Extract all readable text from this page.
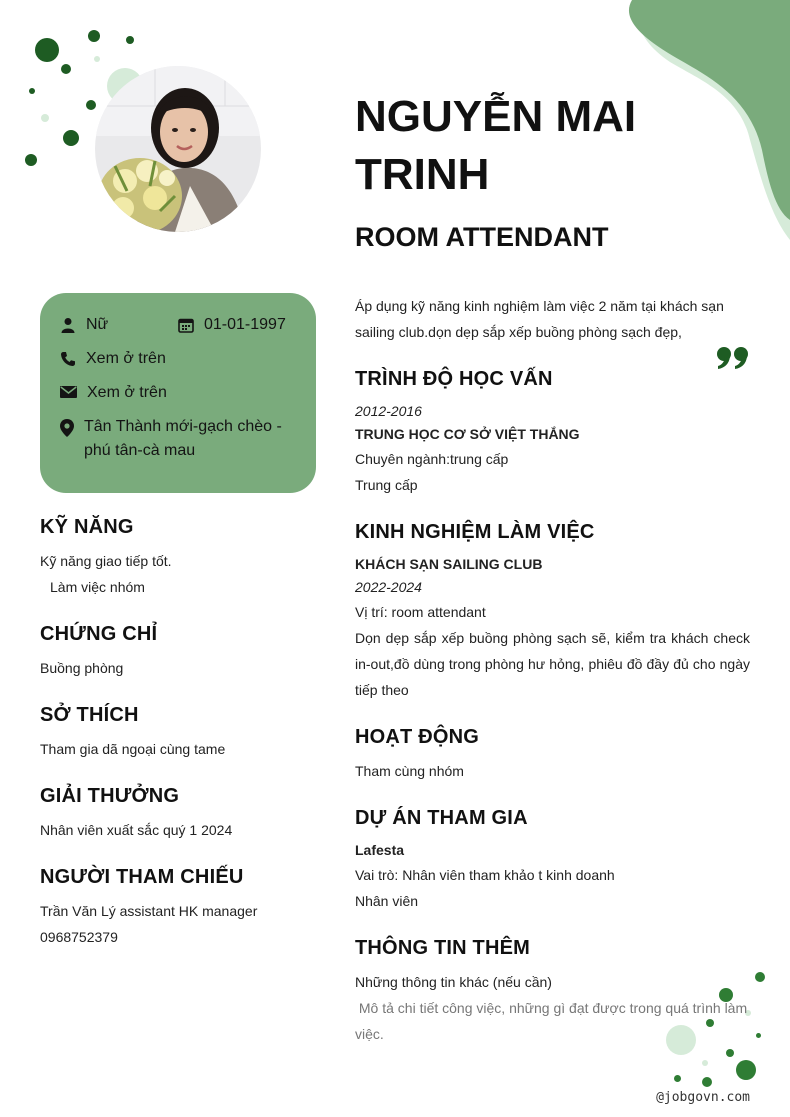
NGUYỄN MAI TRINH
ROOM ATTENDANT
Nữ	01-01-1997
Xem ở trên
Xem ở trên
Tân Thành mới-gạch chèo - phú tân-cà mau
KỸ NĂNG

Kỹ năng giao tiếp tốt.

Làm việc nhóm

CHỨNG CHỈ

Buồng phòng

SỞ THÍCH

Tham gia dã ngoại cùng tame

GIẢI THƯỞNG

Nhân viên xuất sắc quý 1 2024

NGƯỜI THAM CHIẾU

Trần Văn Lý assistant HK manager

0968752379

Áp dụng kỹ năng kinh nghiệm làm việc 2 năm tại khách sạn sailing club.dọn dẹp sắp xếp buồng phòng sạch đẹp,

TRÌNH ĐỘ HỌC VẤN

2012-2016

TRUNG HỌC CƠ SỞ VIỆT THẮNG

Chuyên ngành:trung cấp

Trung cấp

KINH NGHIỆM LÀM VIỆC

KHÁCH SẠN SAILING CLUB

2022-2024

Vị trí: room attendant

Dọn dẹp sắp xếp buồng phòng sạch sẽ, kiểm tra khách check in-out,đồ dùng trong phòng hư hỏng, phiêu đồ đầy đủ cho ngày tiếp theo

HOẠT ĐỘNG

Tham cùng nhóm

DỰ ÁN THAM GIA

Lafesta

Vai trò: Nhân viên tham khảo t kinh doanh

Nhân viên

THÔNG TIN THÊM

Những thông tin khác (nếu cần)

Mô tả chi tiết công việc, những gì đạt được trong quá trình làm việc.

@jobgovn.com
